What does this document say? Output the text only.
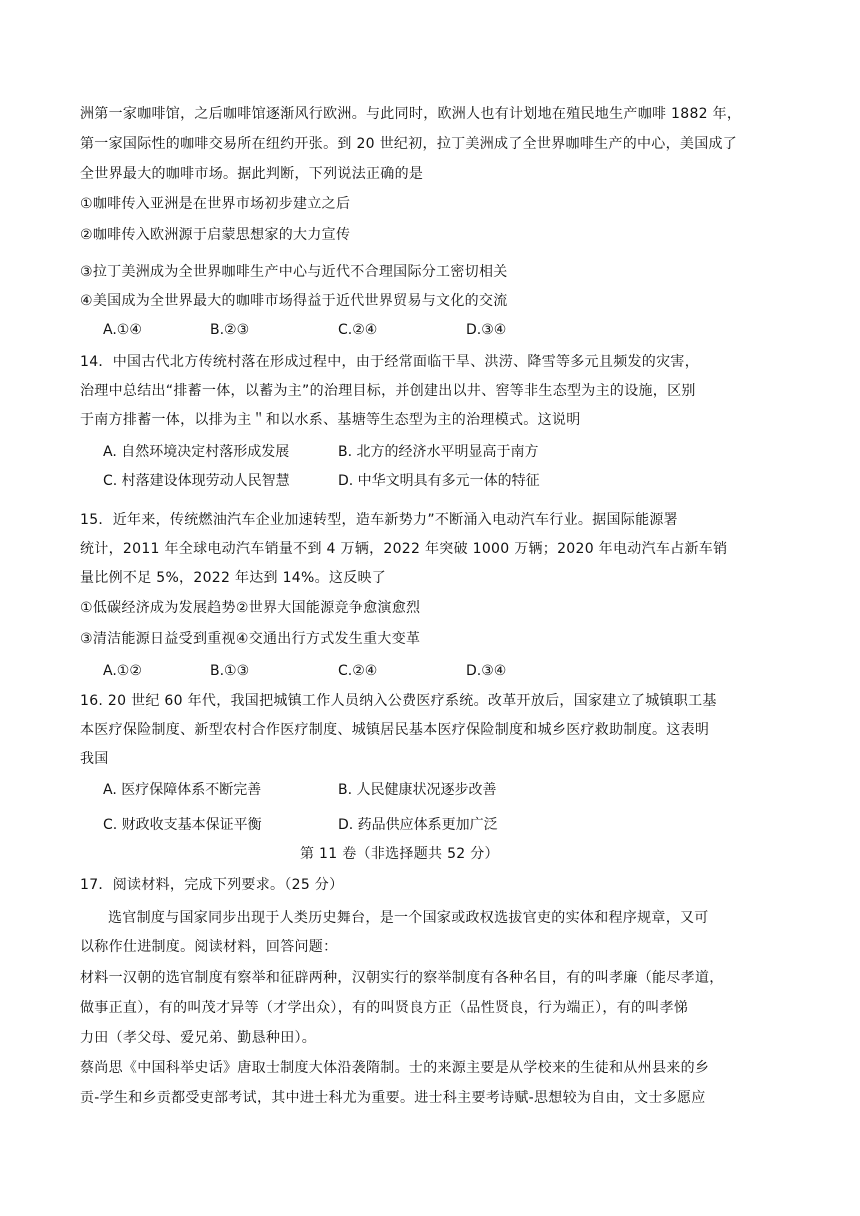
洲第一家咖啡馆，之后咖啡馆逐渐风行欧洲。与此同时，欧洲人也有计划地在殖民地生产咖啡 1882 年，
第一家国际性的咖啡交易所在纽约开张。到 20 世纪初，拉丁美洲成了全世界咖啡生产的中心，美国成了
全世界最大的咖啡市场。据此判断，下列说法正确的是
①咖啡传入亚洲是在世界市场初步建立之后
②咖啡传入欧洲源于启蒙思想家的大力宣传
③拉丁美洲成为全世界咖啡生产中心与近代不合理国际分工密切相关
④美国成为全世界最大的咖啡市场得益于近代世界贸易与文化的交流
A.①④	B.②③	C.②④	D.③④
14．中国古代北方传统村落在形成过程中，由于经常面临干旱、洪涝、降雪等多元且频发的灾害，
治理中总结出“排蓄一体，以蓄为主”的治理目标，并创建出以井、窖等非生态型为主的设施，区别
于南方排蓄一体，以排为主＂和以水系、基塘等生态型为主的治理模式。这说明
A. 自然环境决定村落形成发展	B. 北方的经济水平明显高于南方
C. 村落建设体现劳动人民智慧	D. 中华文明具有多元一体的特征
15．近年来，传统燃油汽车企业加速转型，造车新势力”不断涌入电动汽车行业。据国际能源署
统计，2011 年全球电动汽车销量不到 4 万辆，2022 年突破 1000 万辆；2020 年电动汽车占新车销
量比例不足 5%，2022 年达到 14%。这反映了
①低碳经济成为发展趋势②世界大国能源竞争愈演愈烈
③清洁能源日益受到重视④交通出行方式发生重大变革
A.①②	B.①③	C.②④	D.③④
16. 20 世纪 60 年代，我国把城镇工作人员纳入公费医疗系统。改革开放后，国家建立了城镇职工基
本医疗保险制度、新型农村合作医疗制度、城镇居民基本医疗保险制度和城乡医疗救助制度。这表明
我国
A. 医疗保障体系不断完善	B. 人民健康状况逐步改善
C. 财政收支基本保证平衡	D. 药品供应体系更加广泛
第 11 卷（非选择题共 52 分）
17．阅读材料，完成下列要求。（25 分）
选官制度与国家同步出现于人类历史舞台，是一个国家或政权选拔官吏的实体和程序规章，又可
以称作仕进制度。阅读材料，回答问题：
材料一汉朝的选官制度有察举和征辟两种，汉朝实行的察举制度有各种名目，有的叫孝廉（能尽孝道，
做事正直），有的叫茂才异等（才学出众），有的叫贤良方正（品性贤良，行为端正），有的叫孝悌
力田（孝父母、爱兄弟、勤恳种田）。
蔡尚思《中国科举史话》唐取士制度大体沿袭隋制。士的来源主要是从学校来的生徒和从州县来的乡
贡-学生和乡贡都受吏部考试，其中进士科尤为重要。进士科主要考诗赋-思想较为自由，文士多愿应
